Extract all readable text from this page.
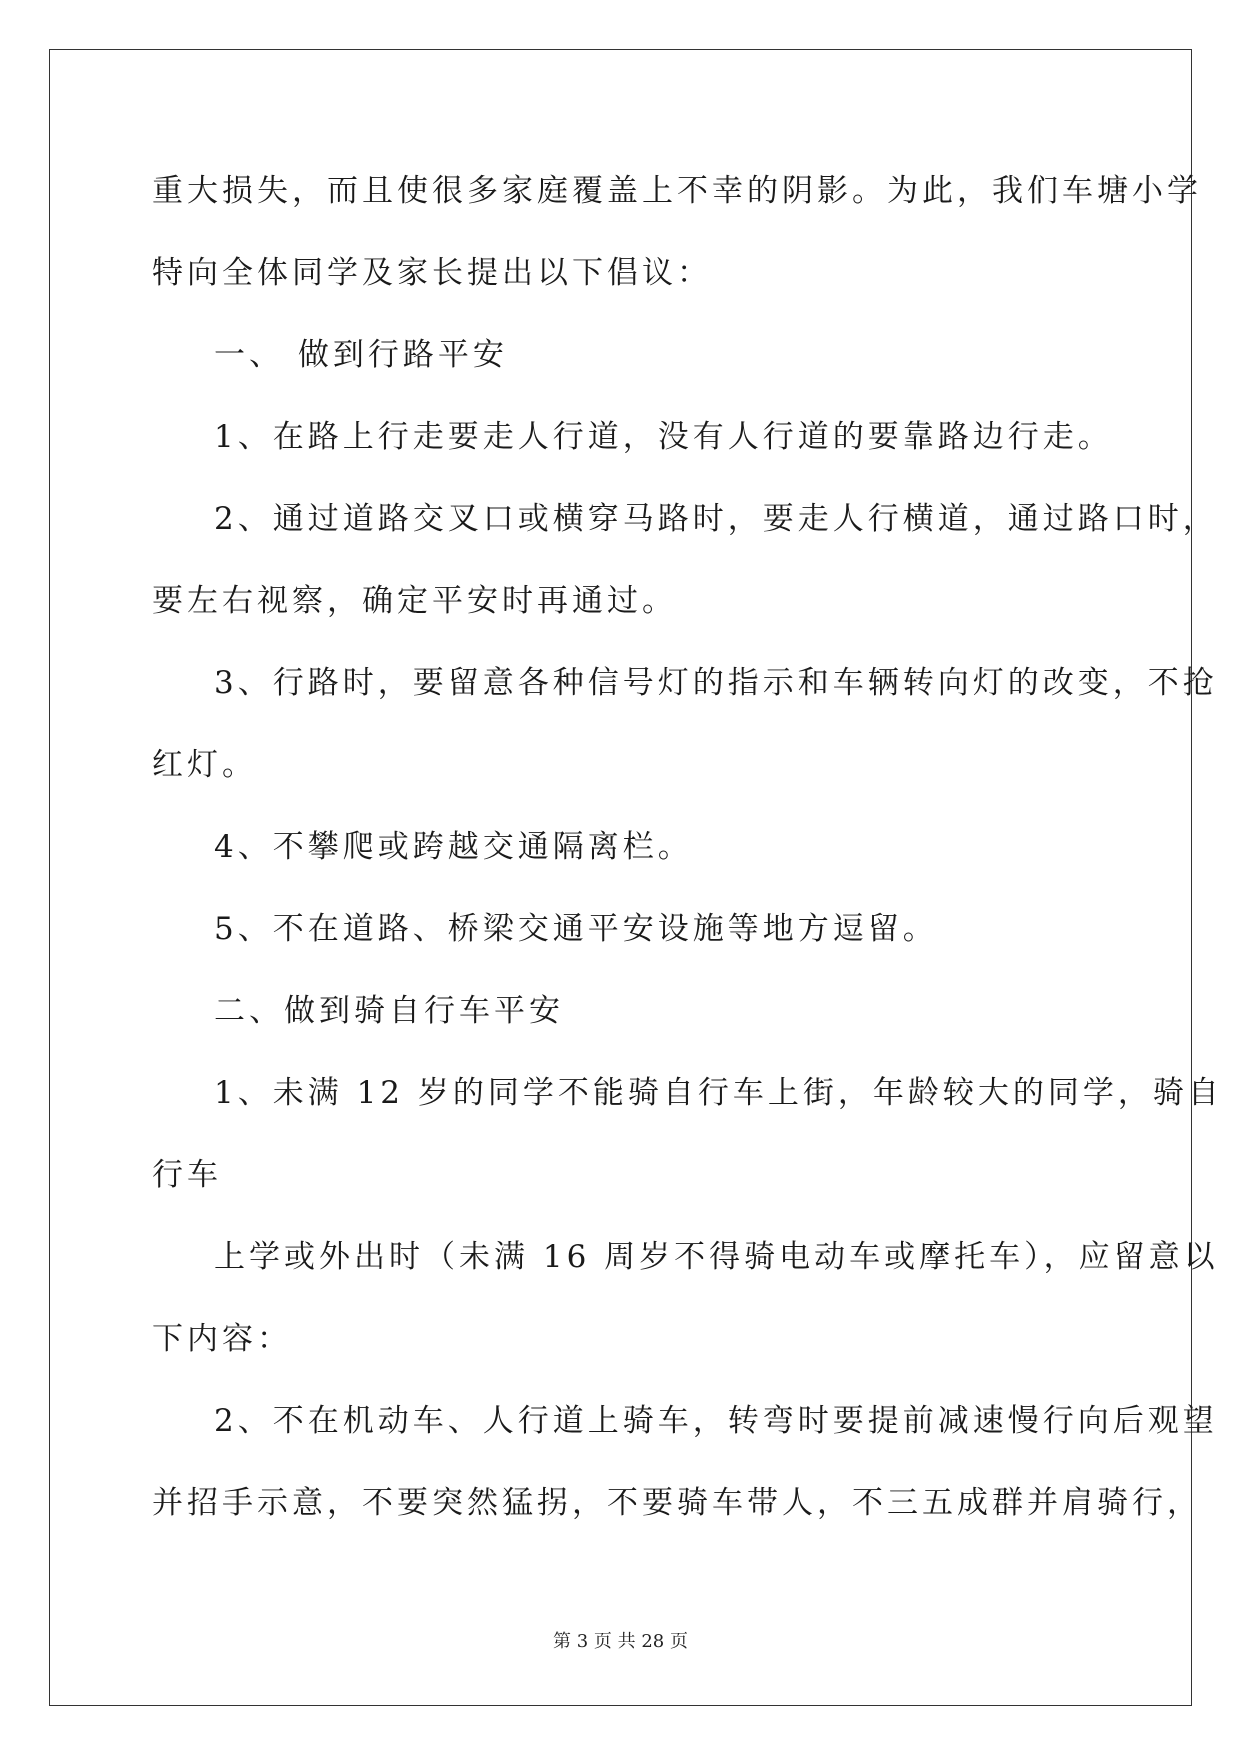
重大损失，而且使很多家庭覆盖上不幸的阴影。为此，我们车塘小学
特向全体同学及家长提出以下倡议：
一、 做到行路平安
1、在路上行走要走人行道，没有人行道的要靠路边行走。
2、通过道路交叉口或横穿马路时，要走人行横道，通过路口时，
要左右视察，确定平安时再通过。
3、行路时，要留意各种信号灯的指示和车辆转向灯的改变，不抢
红灯。
4、不攀爬或跨越交通隔离栏。
5、不在道路、桥梁交通平安设施等地方逗留。
二、做到骑自行车平安
1、未满 12 岁的同学不能骑自行车上街，年龄较大的同学，骑自
行车
上学或外出时（未满 16 周岁不得骑电动车或摩托车），应留意以
下内容：
2、不在机动车、人行道上骑车，转弯时要提前减速慢行向后观望
并招手示意，不要突然猛拐，不要骑车带人，不三五成群并肩骑行，
第 3 页 共 28 页
